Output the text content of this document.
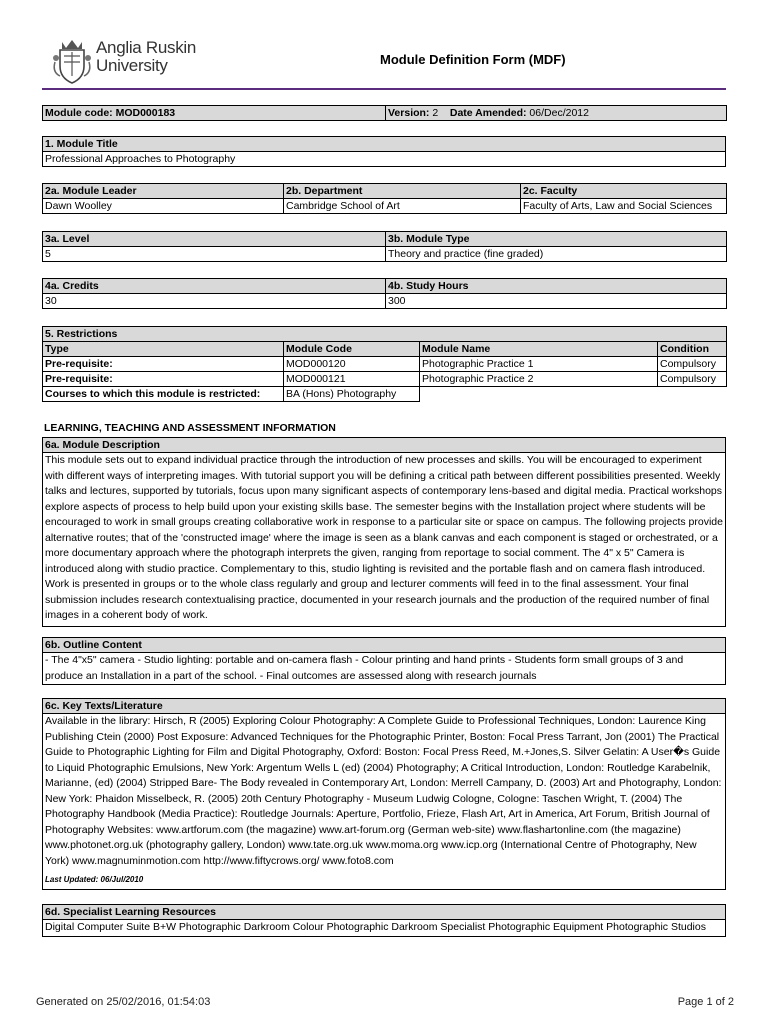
Anglia Ruskin
University	Module Definition Form (MDF)
Module code: MOD000183	Version: 2 Date Amended: 06/Dec/2012
1. Module Title
Professional Approaches to Photography
2a. Module Leader	2b. Department	2c. Faculty
Dawn Woolley	Cambridge School of Art	Faculty of Arts, Law and Social Sciences
3a. Level	3b. Module Type
5	Theory and practice (fine graded)
4a. Credits	4b. Study Hours
30	300
5. Restrictions			
Type	Module Code	Module Name	Condition
Pre-requisite:	MOD000120	Photographic Practice 1	Compulsory
Pre-requisite:	MOD000121	Photographic Practice 2	Compulsory
Courses to which this module is restricted:	BA (Hons) Photography		
LEARNING, TEACHING AND ASSESSMENT INFORMATION
6a. Module Description
This module sets out to expand individual practice through the introduction of new processes and skills. You will be encouraged to experiment with different ways of interpreting images. With tutorial support you will be defining a critical path between different possibilities presented. Weekly talks and lectures, supported by tutorials, focus upon many significant aspects of contemporary lens-based and digital media. Practical workshops explore aspects of process to help build upon your existing skills base. The semester begins with the Installation project where students will be encouraged to work in small groups creating collaborative work in response to a particular site or space on campus. The following projects provide alternative routes; that of the 'constructed image' where the image is seen as a blank canvas and each component is staged or orchestrated, or a more documentary approach where the photograph interprets the given, ranging from reportage to social comment. The 4" x 5" Camera is introduced along with studio practice. Complementary to this, studio lighting is revisited and the portable flash and on camera flash introduced. Work is presented in groups or to the whole class regularly and group and lecturer comments will feed in to the final assessment. Your final submission includes research contextualising practice, documented in your research journals and the production of the required number of final images in a coherent body of work.
6b. Outline Content
- The 4"x5" camera - Studio lighting: portable and on-camera flash - Colour printing and hand prints - Students form small groups of 3 and produce an Installation in a part of the school. - Final outcomes are assessed along with research journals
6c. Key Texts/Literature
Available in the library: Hirsch, R (2005) Exploring Colour Photography: A Complete Guide to Professional Techniques, London: Laurence King Publishing Ctein (2000) Post Exposure: Advanced Techniques for the Photographic Printer, Boston: Focal Press Tarrant, Jon (2001) The Practical Guide to Photographic Lighting for Film and Digital Photography, Oxford: Boston: Focal Press Reed, M.+Jones,S. Silver Gelatin: A User�s Guide to Liquid Photographic Emulsions, New York: Argentum Wells L (ed) (2004) Photography; A Critical Introduction, London: Routledge Karabelnik, Marianne, (ed) (2004) Stripped Bare- The Body revealed in Contemporary Art, London: Merrell Campany, D. (2003) Art and Photography, London: New York: Phaidon Misselbeck, R. (2005) 20th Century Photography - Museum Ludwig Cologne, Cologne: Taschen Wright, T. (2004) The Photography Handbook (Media Practice): Routledge Journals: Aperture, Portfolio, Frieze, Flash Art, Art in America, Art Forum, British Journal of Photography Websites: www.artforum.com (the magazine) www.art-forum.org (German web-site) www.flashartonline.com (the magazine) www.photonet.org.uk (photography gallery, London) www.tate.org.uk www.moma.org www.icp.org (International Centre of Photography, New York) www.magnuminmotion.com http://www.fiftycrows.org/ www.foto8.com
Last Updated: 06/Jul/2010
6d. Specialist Learning Resources
Digital Computer Suite B+W Photographic Darkroom Colour Photographic Darkroom Specialist Photographic Equipment Photographic Studios
Generated on 25/02/2016, 01:54:03	Page 1 of 2
